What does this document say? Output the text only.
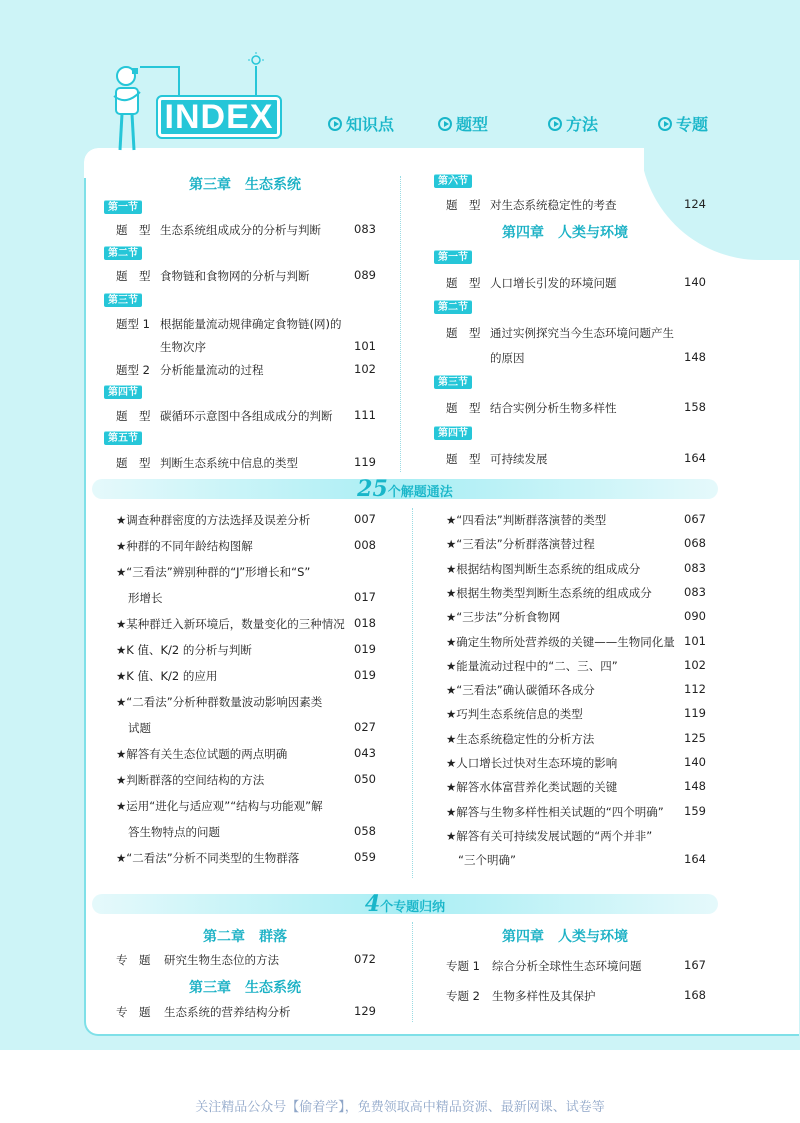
INDEX	知识点	题型	方法	专题
第三章　生态系统
第一节
题　型 生态系统组成成分的分析与判断	083
第二节
题　型 食物链和食物网的分析与判断	089
第三节
题型 1 根据能量流动规律确定食物链(网)的
生物次序	101
题型 2 分析能量流动的过程	102
第四节
题　型 碳循环示意图中各组成成分的判断	111
第五节
题　型 判断生态系统中信息的类型	119
第六节
题　型 对生态系统稳定性的考查	124
第四章　人类与环境
第一节
题　型 人口增长引发的环境问题	140
第二节
题　型 通过实例探究当今生态环境问题产生
的原因	148
第三节
题　型 结合实例分析生物多样性	158
第四节
题　型 可持续发展	164
25个解题通法
★调查种群密度的方法选择及误差分析	007
★种群的不同年龄结构图解	008
★“三看法”辨别种群的“J”形增长和“S”
形增长	017
★某种群迁入新环境后，数量变化的三种情况 018
★K 值、K/2 的分析与判断	019
★K 值、K/2 的应用	019
★“二看法”分析种群数量波动影响因素类
试题	027
★解答有关生态位试题的两点明确	043
★判断群落的空间结构的方法	050
★运用“进化与适应观”“结构与功能观”解
答生物特点的问题	058
★“二看法”分析不同类型的生物群落	059
★“四看法”判断群落演替的类型	067
★“三看法”分析群落演替过程	068
★根据结构图判断生态系统的组成成分	083
★根据生物类型判断生态系统的组成成分	083
★“三步法”分析食物网	090
★确定生物所处营养级的关键——生物同化量 101
★能量流动过程中的“二、三、四”	102
★“三看法”确认碳循环各成分	112
★巧判生态系统信息的类型	119
★生态系统稳定性的分析方法	125
★人口增长过快对生态环境的影响	140
★解答水体富营养化类试题的关键	148
★解答与生物多样性相关试题的“四个明确”	159
★解答有关可持续发展试题的“两个并非”
“三个明确”	164
4个专题归纳
第二章　群落
专　题 研究生物生态位的方法	072
第三章　生态系统
专　题 生态系统的营养结构分析	129
第四章　人类与环境
专题 1 综合分析全球性生态环境问题	167
专题 2 生物多样性及其保护	168
关注精品公众号【偷着学】，免费领取高中精品资源、最新网课、试卷等
